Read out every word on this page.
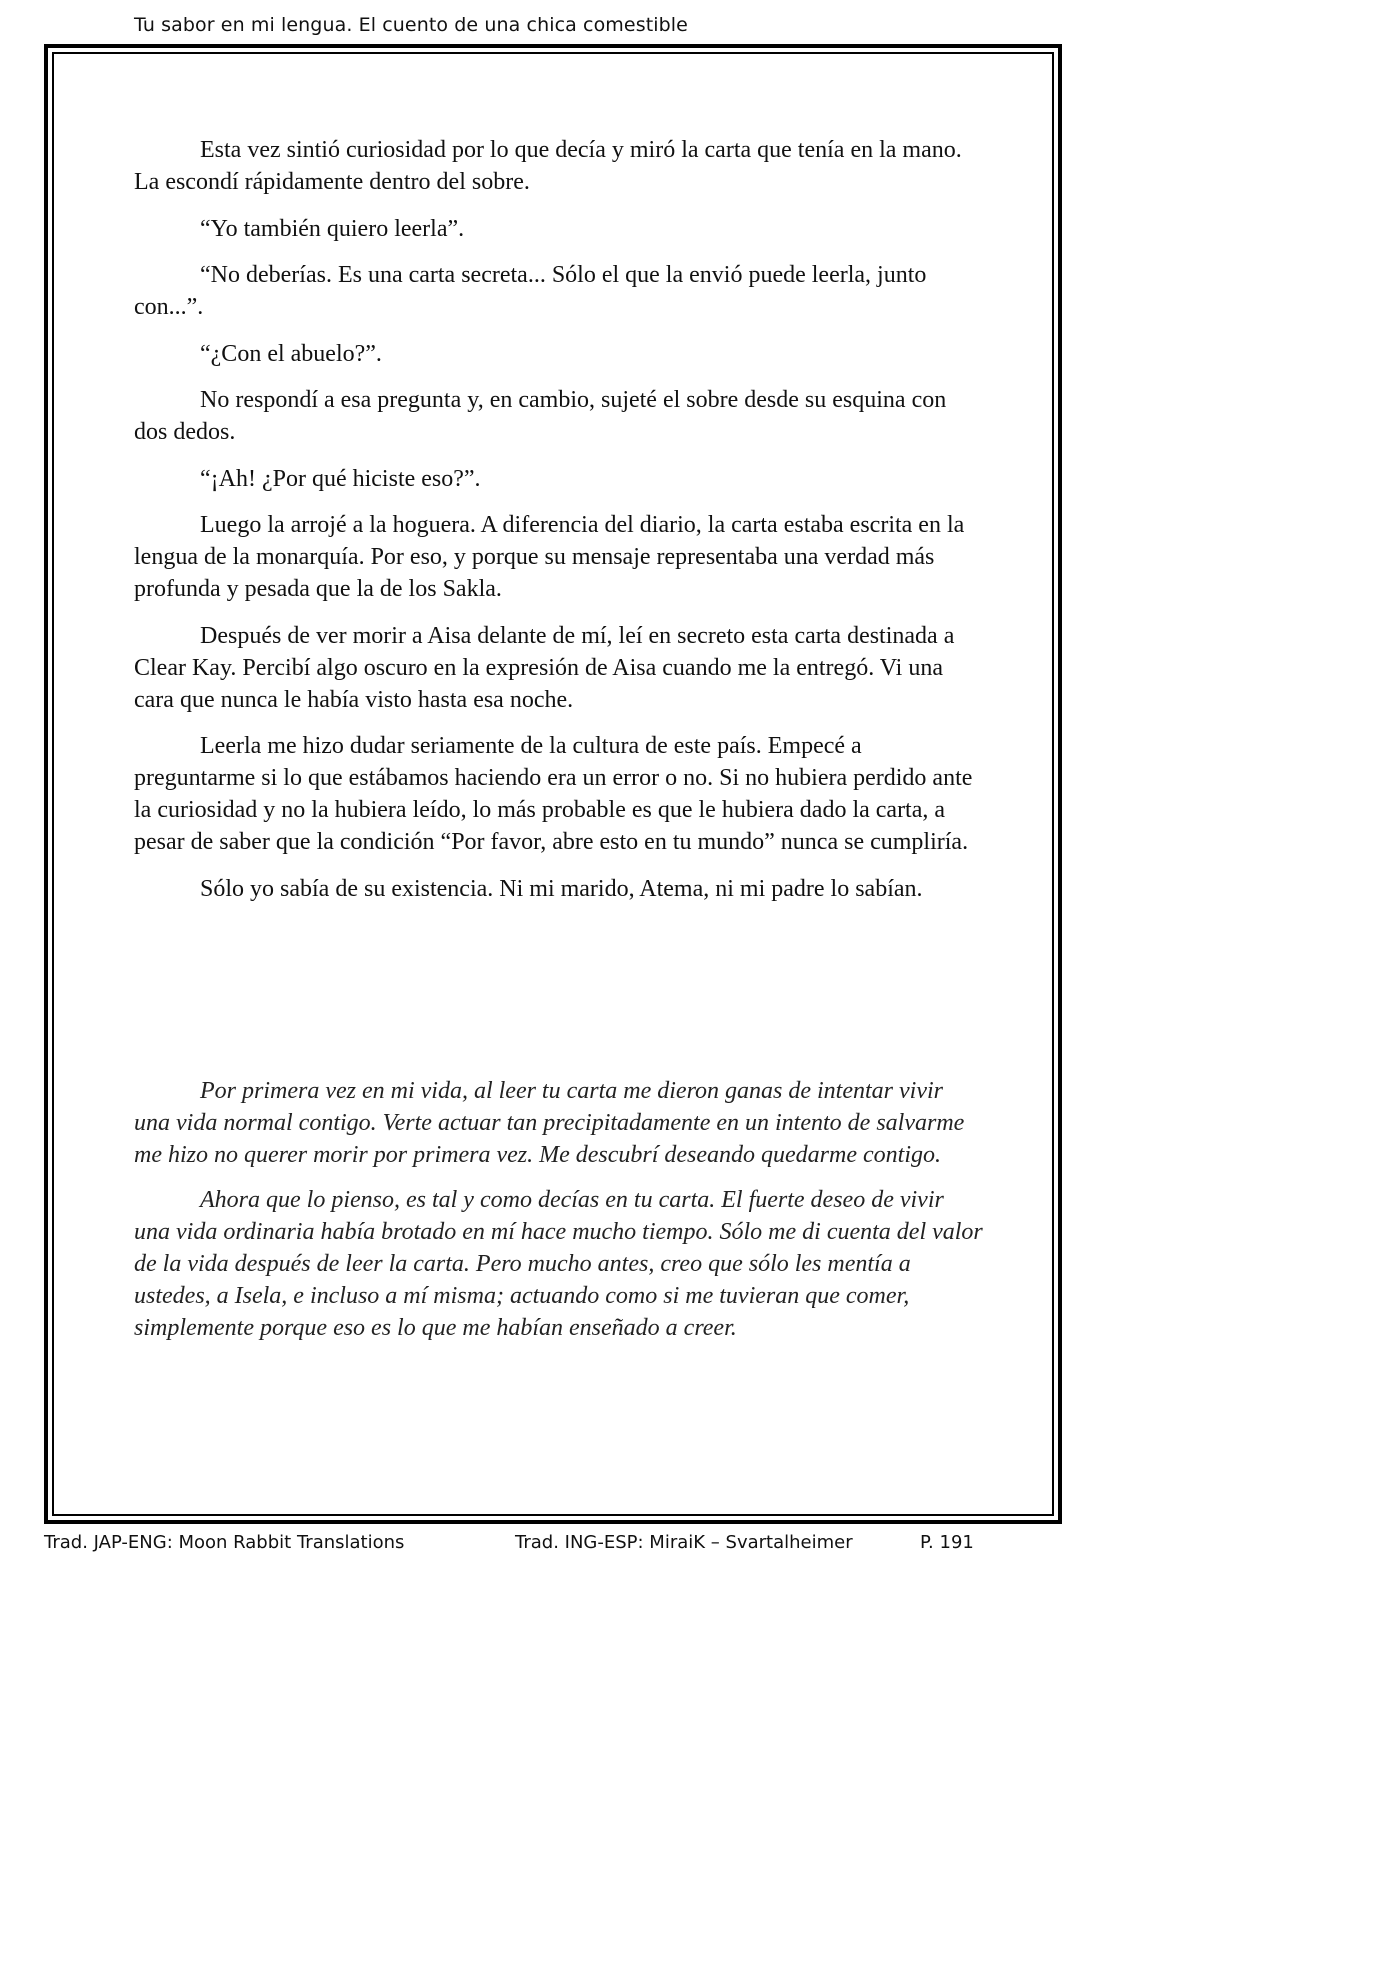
Tu sabor en mi lengua. El cuento de una chica comestible

Esta vez sintió curiosidad por lo que decía y miró la carta que tenía en la mano. La escondí rápidamente dentro del sobre.

“Yo también quiero leerla”.

“No deberías. Es una carta secreta... Sólo el que la envió puede leerla, junto con...”.

“¿Con el abuelo?”.

No respondí a esa pregunta y, en cambio, sujeté el sobre desde su esquina con dos dedos.

“¡Ah! ¿Por qué hiciste eso?”.

Luego la arrojé a la hoguera. A diferencia del diario, la carta estaba escrita en la lengua de la monarquía. Por eso, y porque su mensaje representaba una verdad más profunda y pesada que la de los Sakla.

Después de ver morir a Aisa delante de mí, leí en secreto esta carta destinada a Clear Kay. Percibí algo oscuro en la expresión de Aisa cuando me la entregó. Vi una cara que nunca le había visto hasta esa noche.

Leerla me hizo dudar seriamente de la cultura de este país. Empecé a preguntarme si lo que estábamos haciendo era un error o no. Si no hubiera perdido ante la curiosidad y no la hubiera leído, lo más probable es que le hubiera dado la carta, a pesar de saber que la condición “Por favor, abre esto en tu mundo” nunca se cumpliría.

Sólo yo sabía de su existencia. Ni mi marido, Atema, ni mi padre lo sabían.

Por primera vez en mi vida, al leer tu carta me dieron ganas de intentar vivir una vida normal contigo. Verte actuar tan precipitadamente en un intento de salvarme me hizo no querer morir por primera vez. Me descubrí deseando quedarme contigo.

Ahora que lo pienso, es tal y como decías en tu carta. El fuerte deseo de vivir una vida ordinaria había brotado en mí hace mucho tiempo. Sólo me di cuenta del valor de la vida después de leer la carta. Pero mucho antes, creo que sólo les mentía a ustedes, a Isela, e incluso a mí misma; actuando como si me tuvieran que comer, simplemente porque eso es lo que me habían enseñado a creer.

Trad. JAP-ENG: Moon Rabbit Translations	Trad. ING-ESP: MiraiK – Svartalheimer	P. 191
